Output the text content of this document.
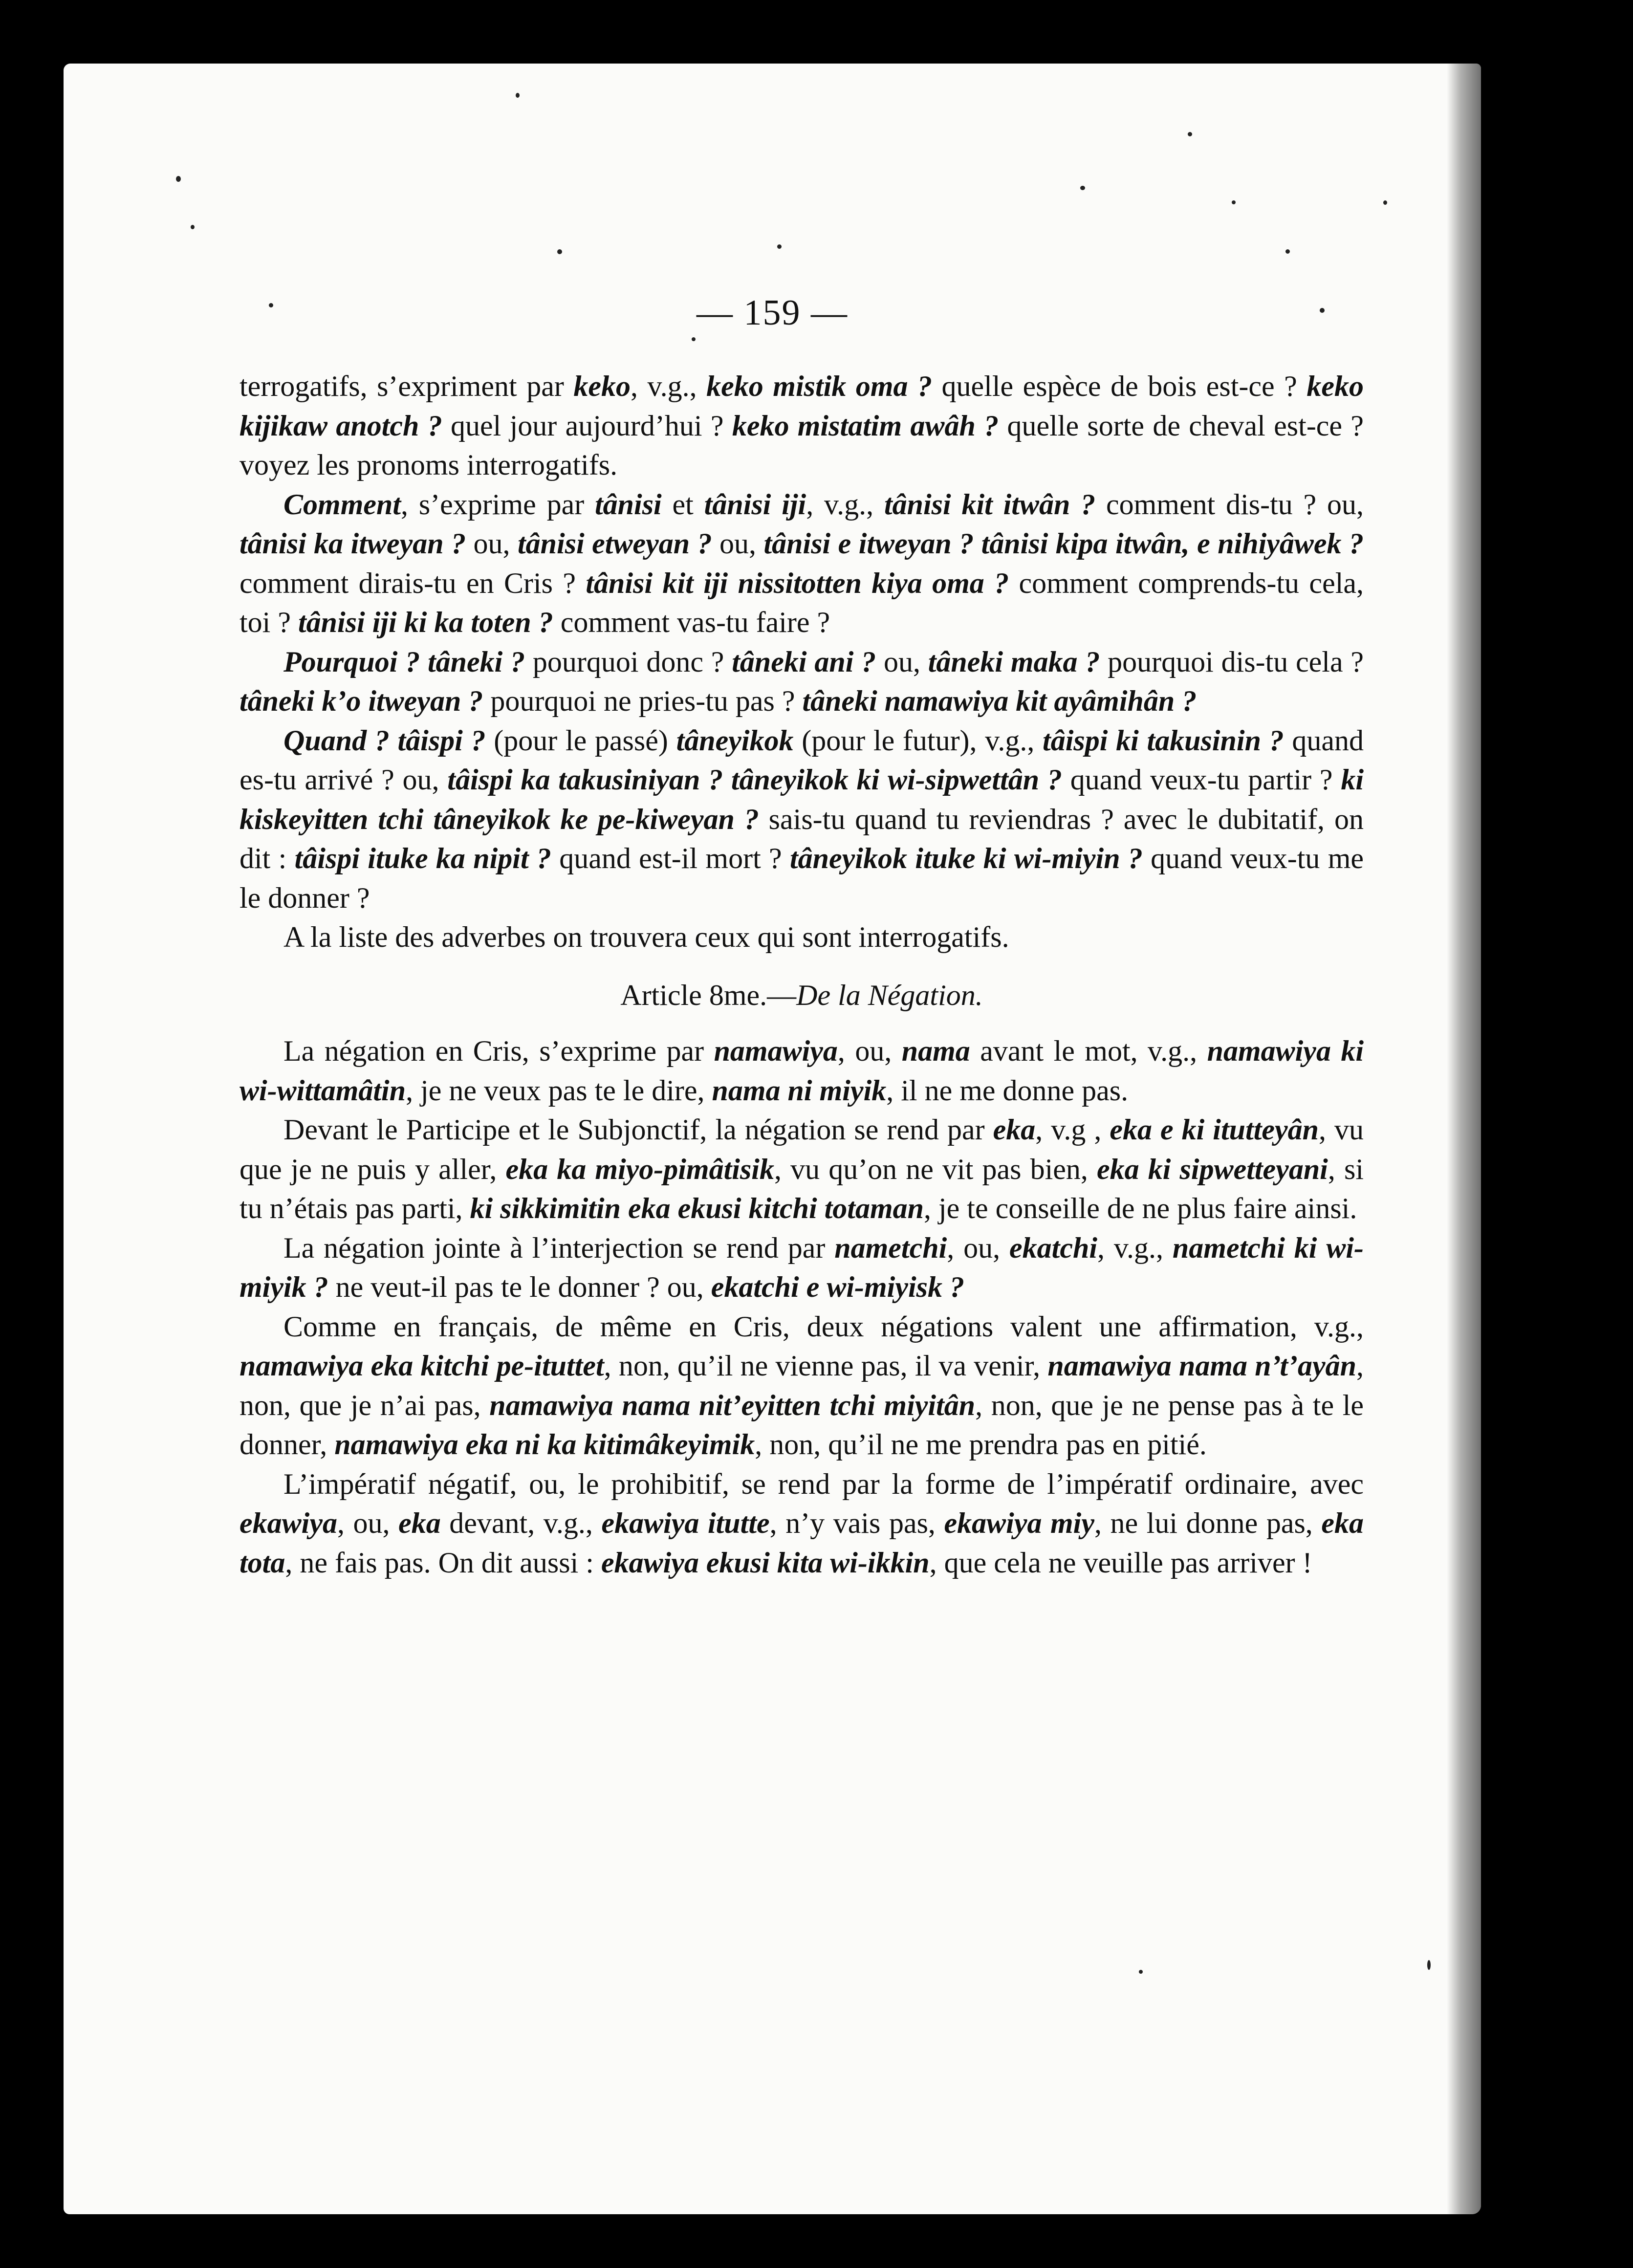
— 159 —

terrogatifs, s’expriment par keko, v.g., keko mistik oma ? quelle espèce de bois est-ce ? keko kijikaw anotch ? quel jour aujourd’hui ? keko mistatim awâh ? quelle sorte de cheval est-ce ? voyez les pronoms interrogatifs.

Comment, s’exprime par tânisi et tânisi iji, v.g., tânisi kit itwân ? comment dis-tu ? ou, tânisi ka itweyan ? ou, tânisi etweyan ? ou, tânisi e itweyan ? tânisi kipa itwân, e nihiyâwek ? comment dirais-tu en Cris ? tânisi kit iji nissitotten kiya oma ? comment comprends-tu cela, toi ? tânisi iji ki ka toten ? comment vas-tu faire ?

Pourquoi ? tâneki ? pourquoi donc ? tâneki ani ? ou, tâneki maka ? pourquoi dis-tu cela ? tâneki k’o itweyan ? pourquoi ne pries-tu pas ? tâneki namawiya kit ayâmihân ?

Quand ? tâispi ? (pour le passé) tâneyikok (pour le futur), v.g., tâispi ki takusinin ? quand es-tu arrivé ? ou, tâispi ka takusiniyan ? tâneyikok ki wi-sipwettân ? quand veux-tu partir ? ki kiskeyitten tchi tâneyikok ke pe-kiweyan ? sais-tu quand tu reviendras ? avec le dubitatif, on dit : tâispi ituke ka nipit ? quand est-il mort ? tâneyikok ituke ki wi-miyin ? quand veux-tu me le donner ?

A la liste des adverbes on trouvera ceux qui sont interrogatifs.

Article 8me.—De la Négation.

La négation en Cris, s’exprime par namawiya, ou, nama avant le mot, v.g., namawiya ki wi-wittamâtin, je ne veux pas te le dire, nama ni miyik, il ne me donne pas.

Devant le Participe et le Subjonctif, la négation se rend par eka, v.g , eka e ki itutteyân, vu que je ne puis y aller, eka ka miyo-pimâtisik, vu qu’on ne vit pas bien, eka ki sipwetteyani, si tu n’étais pas parti, ki sikkimitin eka ekusi kitchi totaman, je te conseille de ne plus faire ainsi.

La négation jointe à l’interjection se rend par nametchi, ou, ekatchi, v.g., nametchi ki wi-miyik ? ne veut-il pas te le donner ? ou, ekatchi e wi-miyisk ?

Comme en français, de même en Cris, deux négations valent une affirmation, v.g., namawiya eka kitchi pe-ituttet, non, qu’il ne vienne pas, il va venir, namawiya nama n’t’ayân, non, que je n’ai pas, namawiya nama nit’eyitten tchi miyitân, non, que je ne pense pas à te le donner, namawiya eka ni ka kitimâkeyimik, non, qu’il ne me prendra pas en pitié.

L’impératif négatif, ou, le prohibitif, se rend par la forme de l’impératif ordinaire, avec ekawiya, ou, eka devant, v.g., ekawiya itutte, n’y vais pas, ekawiya miy, ne lui donne pas, eka tota, ne fais pas. On dit aussi : ekawiya ekusi kita wi-ikkin, que cela ne veuille pas arriver !
